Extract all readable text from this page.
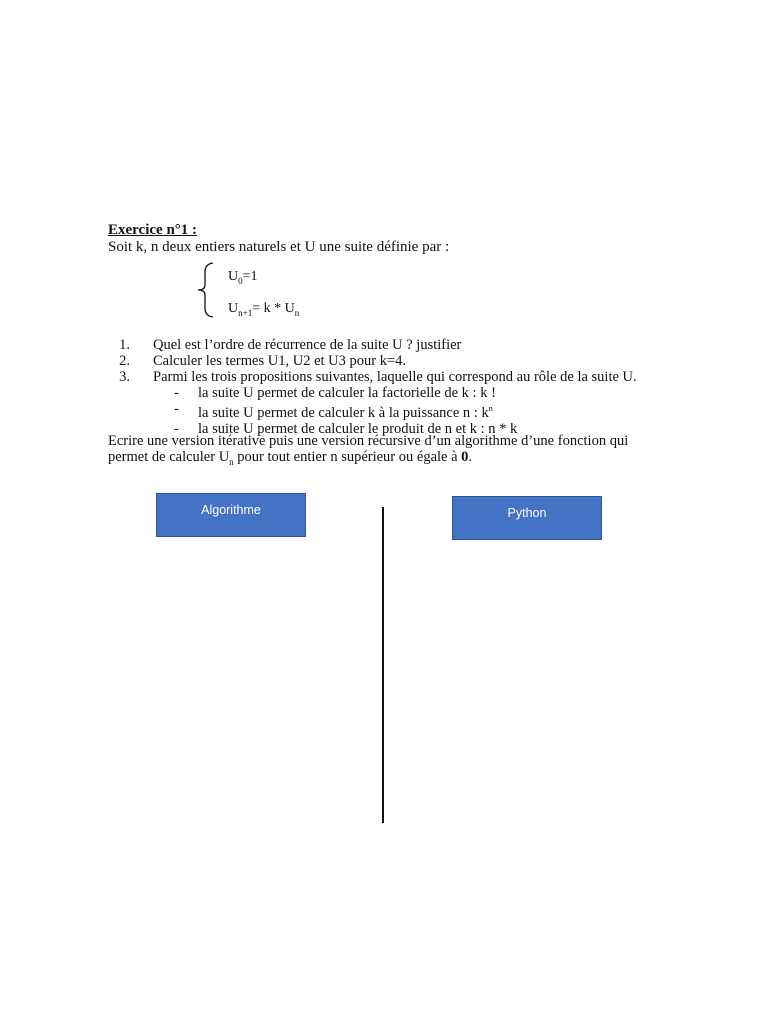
Exercice n°1 :
Soit k, n deux entiers naturels et U une suite définie par :
$U_0=1$
$U_{n+1}= k * U_n$
1.	Quel est l’ordre de récurrence de la suite U ? justifier
2.	Calculer les termes U1, U2 et U3 pour k=4.
3.	Parmi les trois propositions suivantes, laquelle qui correspond au rôle de la suite U.
-	la suite U permet de calculer la factorielle de k : k !
-	la suite U permet de calculer k à la puissance n : $k^n$
-	la suite U permet de calculer le produit de n et k : n * k
Ecrire une version itérative puis une version récursive d’un algorithme d’une fonction qui
permet de calculer $U_n$ pour tout entier n supérieur ou égale à 0.
Algorithme	Python
